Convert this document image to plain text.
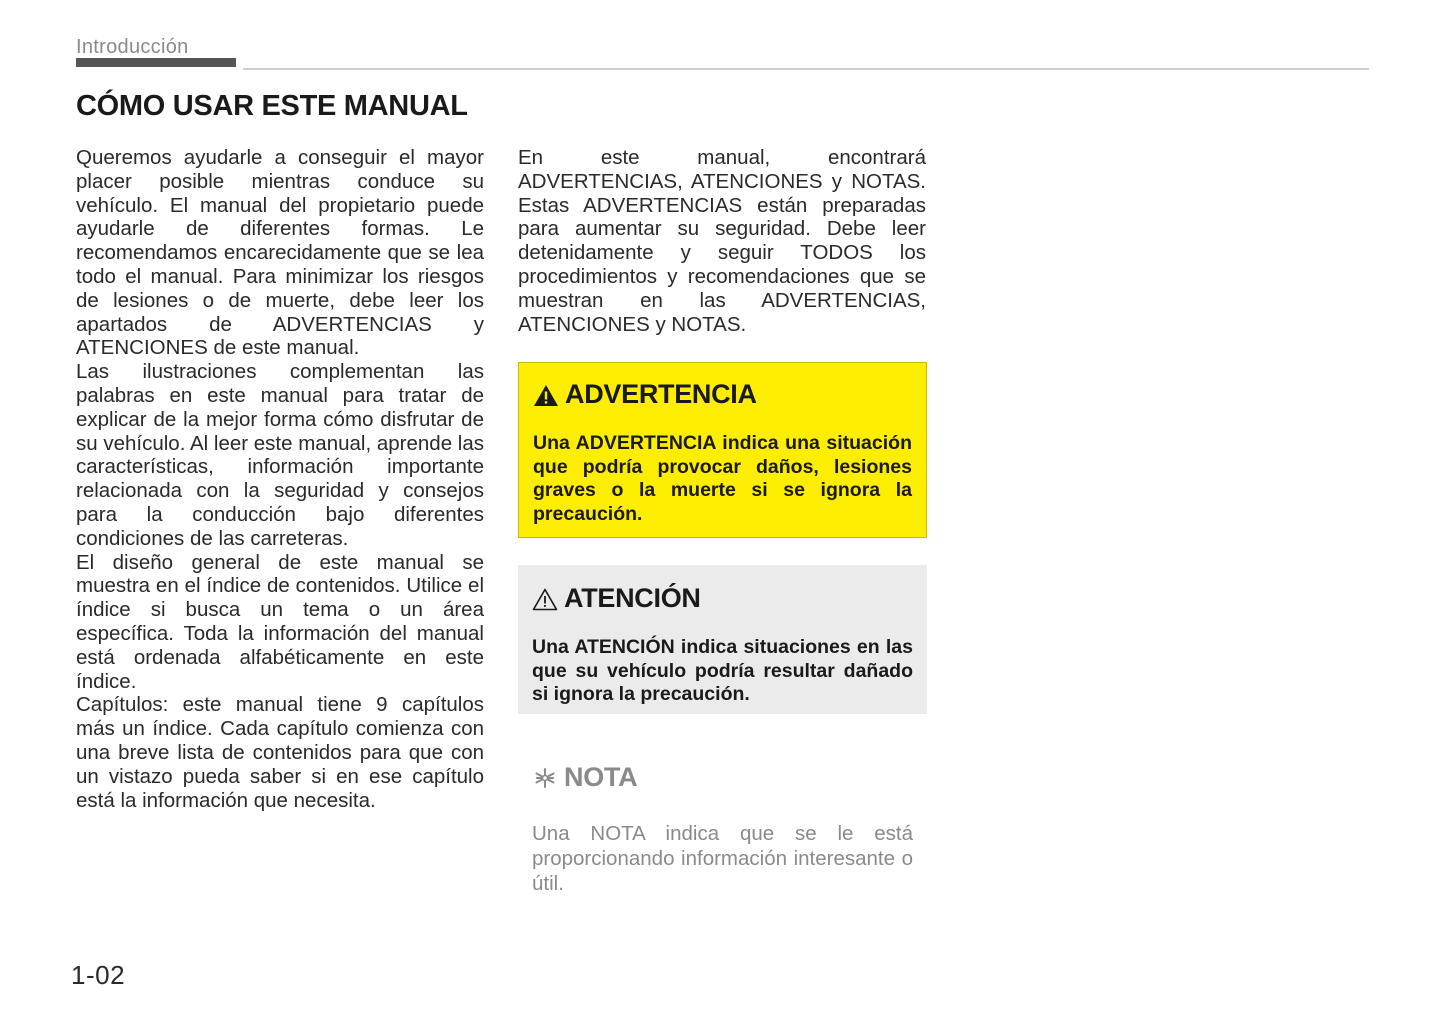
Introducción
CÓMO USAR ESTE MANUAL

Queremos ayudarle a conseguir el mayor placer posible mientras conduce su vehículo. El manual del propietario puede ayudarle de diferentes formas. Le recomendamos encarecidamente que se lea todo el manual. Para minimizar los riesgos de lesiones o de muerte, debe leer los apartados de ADVERTENCIAS y ATENCIONES de este manual.

Las ilustraciones complementan las palabras en este manual para tratar de explicar de la mejor forma cómo disfrutar de su vehículo. Al leer este manual, aprende las características, información importante relacionada con la seguridad y consejos para la conducción bajo diferentes condiciones de las carreteras.

El diseño general de este manual se muestra en el índice de contenidos. Utilice el índice si busca un tema o un área específica. Toda la información del manual está ordenada alfabéticamente en este índice.

Capítulos: este manual tiene 9 capítulos más un índice. Cada capítulo comienza con una breve lista de contenidos para que con un vistazo pueda saber si en ese capítulo está la información que necesita.

En este manual, encontrará ADVERTENCIAS, ATENCIONES y NOTAS. Estas ADVERTENCIAS están preparadas para aumentar su seguridad. Debe leer detenidamente y seguir TODOS los procedimientos y recomendaciones que se muestran en las ADVERTENCIAS, ATENCIONES y NOTAS.

ADVERTENCIA
Una ADVERTENCIA indica una situación que podría provocar daños, lesiones graves o la muerte si se ignora la precaución.
ATENCIÓN
Una ATENCIÓN indica situaciones en las que su vehículo podría resultar dañado si ignora la precaución.
NOTA
Una NOTA indica que se le está proporcionando información interesante o útil.
1-02
